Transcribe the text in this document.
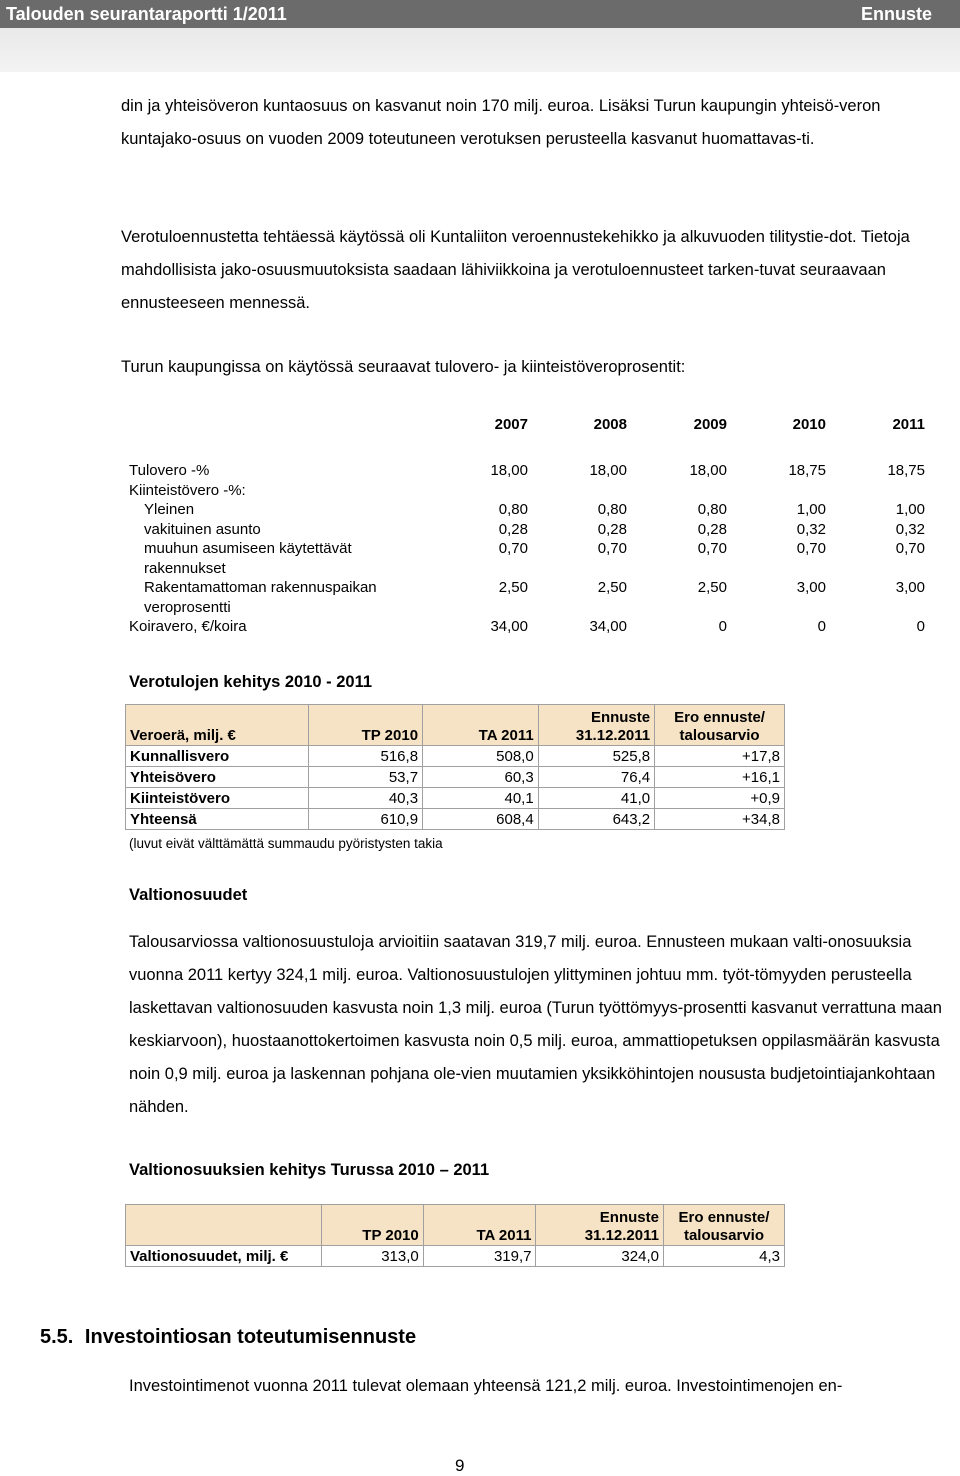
Talouden seurantaraportti 1/2011	Ennuste

din ja yhteisöveron kuntaosuus on kasvanut noin 170 milj. euroa. Lisäksi Turun kaupungin yhteisö-veron kuntajako-osuus on vuoden 2009 toteutuneen verotuksen perusteella kasvanut huomattavas-ti.

Verotuloennustetta tehtäessä käytössä oli Kuntaliiton veroennustekehikko ja alkuvuoden tilitystie-dot. Tietoja mahdollisista jako-osuusmuutoksista saadaan lähiviikkoina ja verotuloennusteet tarken-tuvat seuraavaan ennusteeseen mennessä.

Turun kaupungissa on käytössä seuraavat tulovero- ja kiinteistöveroprosentit:

2007	2008	2009	2010	2011
Tulovero -%	18,00	18,00	18,00	18,75	18,75
Kiinteistövero -%:
Yleinen	0,80	0,80	0,80	1,00	1,00
vakituinen asunto	0,28	0,28	0,28	0,32	0,32
muuhun asumiseen käytettävät	0,70	0,70	0,70	0,70	0,70
rakennukset
Rakentamattoman rakennuspaikan	2,50	2,50	2,50	3,00	3,00
veroprosentti
Koiravero, €/koira	34,00	34,00	0	0	0
Verotulojen kehitys 2010 - 2011
Veroerä, milj. €	TP 2010	TA 2011	Ennuste 31.12.2011	Ero ennuste/ talousarvio
Kunnallisvero	516,8	508,0	525,8	+17,8
Yhteisövero	53,7	60,3	76,4	+16,1
Kiinteistövero	40,3	40,1	41,0	+0,9
Yhteensä	610,9	608,4	643,2	+34,8
(luvut eivät välttämättä summaudu pyöristysten takia
Valtionosuudet

Talousarviossa valtionosuustuloja arvioitiin saatavan 319,7 milj. euroa. Ennusteen mukaan valti-onosuuksia vuonna 2011 kertyy 324,1 milj. euroa. Valtionosuustulojen ylittyminen johtuu mm. työt-tömyyden perusteella laskettavan valtionosuuden kasvusta noin 1,3 milj. euroa (Turun työttömyys-prosentti kasvanut verrattuna maan keskiarvoon), huostaanottokertoimen kasvusta noin 0,5 milj. euroa, ammattiopetuksen oppilasmäärän kasvusta noin 0,9 milj. euroa ja laskennan pohjana ole-vien muutamien yksikköhintojen noususta budjetointiajankohtaan nähden.

Valtionosuuksien kehitys Turussa 2010 – 2011
	TP 2010	TA 2011	Ennuste 31.12.2011	Ero ennuste/ talousarvio
Valtionosuudet, milj. €	313,0	319,7	324,0	4,3
5.5. Investointiosan toteutumisennuste

Investointimenot vuonna 2011 tulevat olemaan yhteensä 121,2 milj. euroa. Investointimenojen en-

9
